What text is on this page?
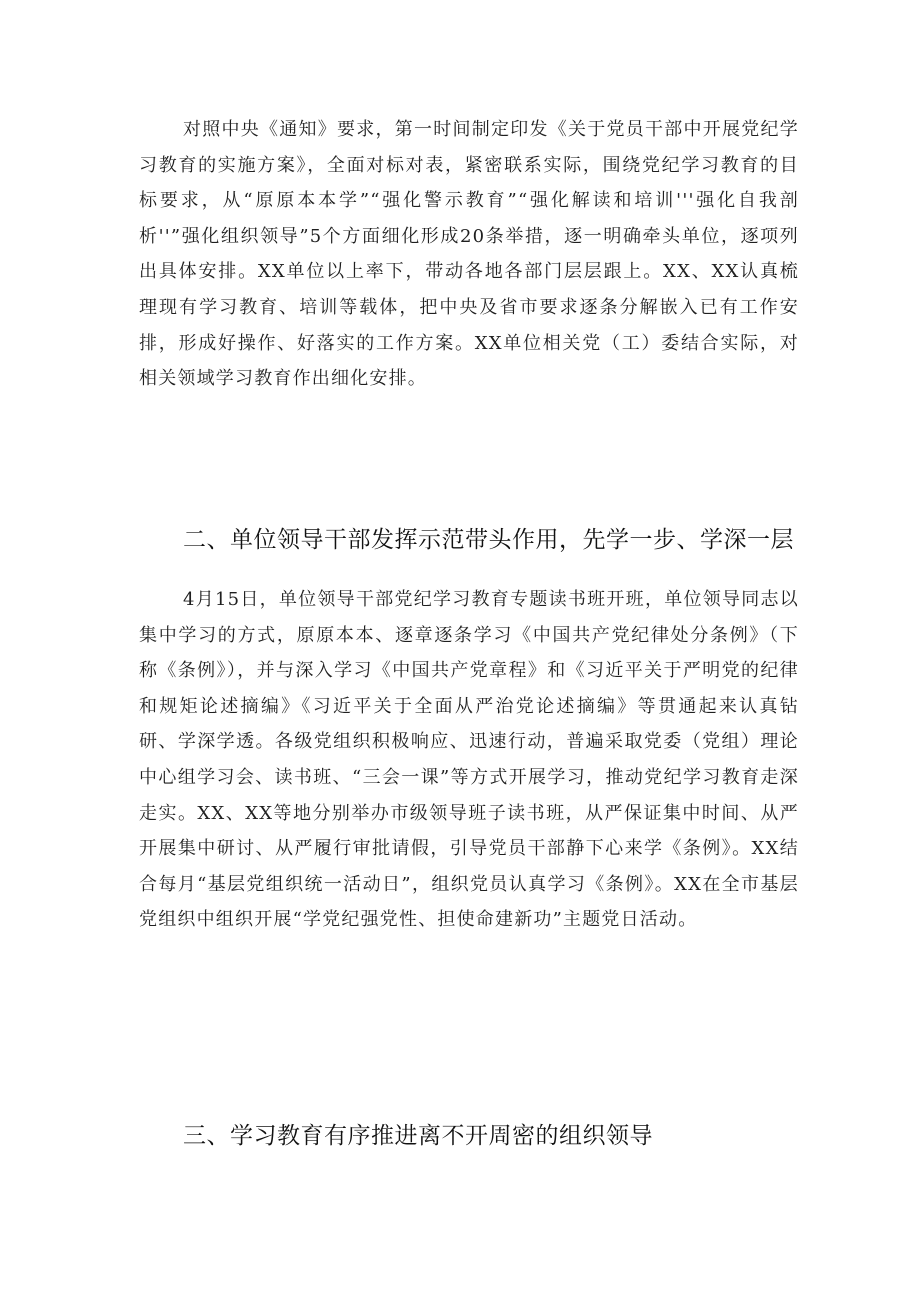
对照中央《通知》要求，第一时间制定印发《关于党员干部中开展党纪学习教育的实施方案》，全面对标对表，紧密联系实际，围绕党纪学习教育的目标要求，从“原原本本学”“强化警示教育”“强化解读和培训'''强化自我剖析''”强化组织领导”5个方面细化形成20条举措，逐一明确牵头单位，逐项列出具体安排。XX单位以上率下，带动各地各部门层层跟上。XX、XX认真梳理现有学习教育、培训等载体，把中央及省市要求逐条分解嵌入已有工作安排，形成好操作、好落实的工作方案。XX单位相关党（工）委结合实际，对相关领域学习教育作出细化安排。

二、单位领导干部发挥示范带头作用，先学一步、学深一层

4月15日，单位领导干部党纪学习教育专题读书班开班，单位领导同志以集中学习的方式，原原本本、逐章逐条学习《中国共产党纪律处分条例》（下称《条例》），并与深入学习《中国共产党章程》和《习近平关于严明党的纪律和规矩论述摘编》《习近平关于全面从严治党论述摘编》等贯通起来认真钻研、学深学透。各级党组织积极响应、迅速行动，普遍采取党委（党组）理论中心组学习会、读书班、“三会一课”等方式开展学习，推动党纪学习教育走深走实。XX、XX等地分别举办市级领导班子读书班，从严保证集中时间、从严开展集中研讨、从严履行审批请假，引导党员干部静下心来学《条例》。XX结合每月“基层党组织统一活动日”，组织党员认真学习《条例》。XX在全市基层党组织中组织开展“学党纪强党性、担使命建新功”主题党日活动。

三、学习教育有序推进离不开周密的组织领导
